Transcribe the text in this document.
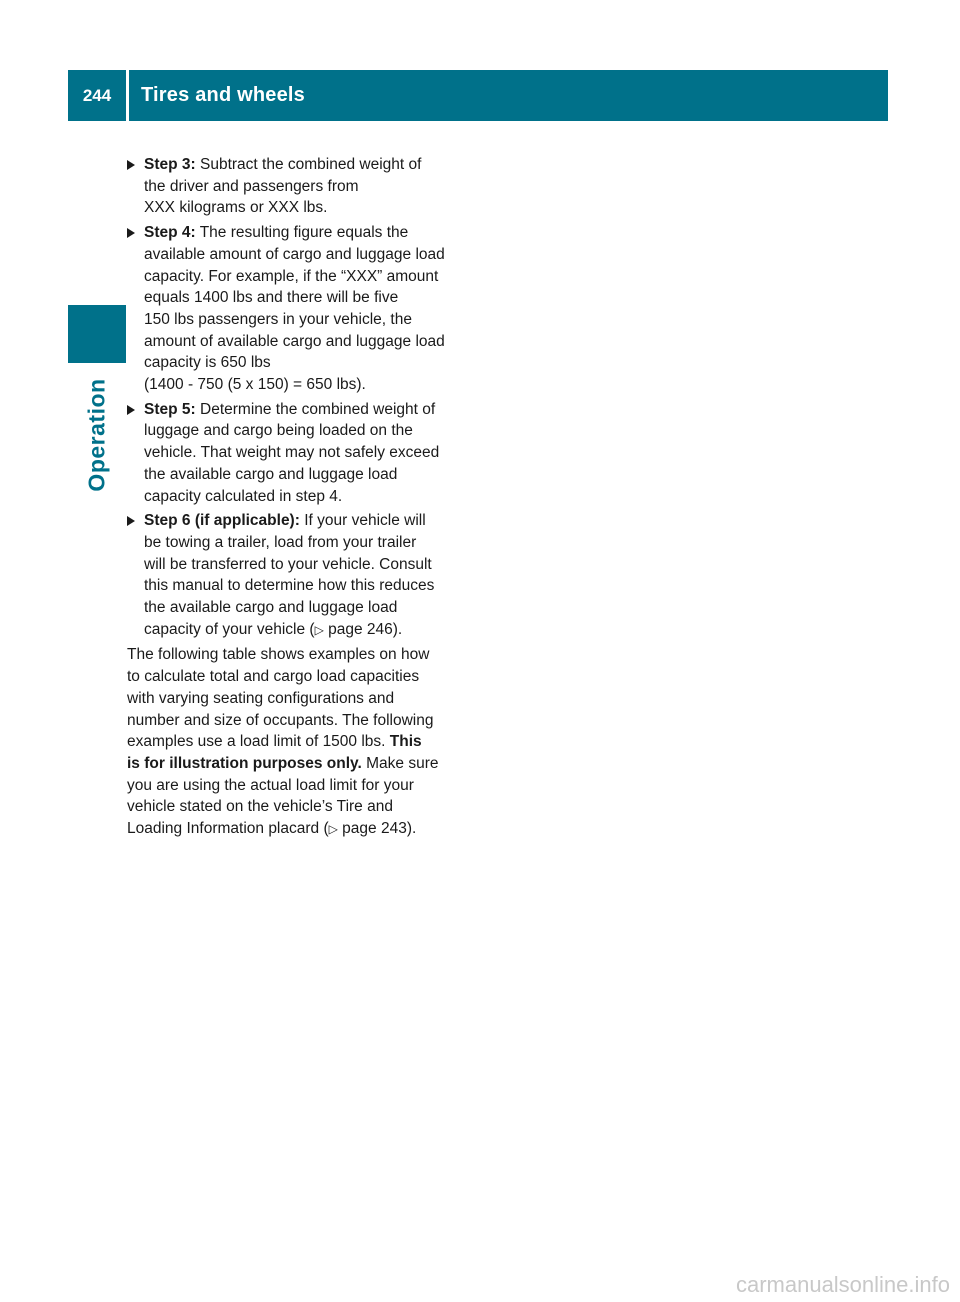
244	Tires and wheels
Operation
Step 3: Subtract the combined weight of
the driver and passengers from
XXX kilograms or XXX lbs.
Step 4: The resulting figure equals the
available amount of cargo and luggage load
capacity. For example, if the “XXX” amount
equals 1400 lbs and there will be five
150 lbs passengers in your vehicle, the
amount of available cargo and luggage load
capacity is 650 lbs
(1400 - 750 (5 x 150) = 650 lbs).
Step 5: Determine the combined weight of
luggage and cargo being loaded on the
vehicle. That weight may not safely exceed
the available cargo and luggage load
capacity calculated in step 4.
Step 6 (if applicable): If your vehicle will
be towing a trailer, load from your trailer
will be transferred to your vehicle. Consult
this manual to determine how this reduces
the available cargo and luggage load
capacity of your vehicle (▷ page 246).
The following table shows examples on how
to calculate total and cargo load capacities
with varying seating configurations and
number and size of occupants. The following
examples use a load limit of 1500 lbs. This
is for illustration purposes only. Make sure
you are using the actual load limit for your
vehicle stated on the vehicle’s Tire and
Loading Information placard (▷ page 243).
carmanualsonline.info
